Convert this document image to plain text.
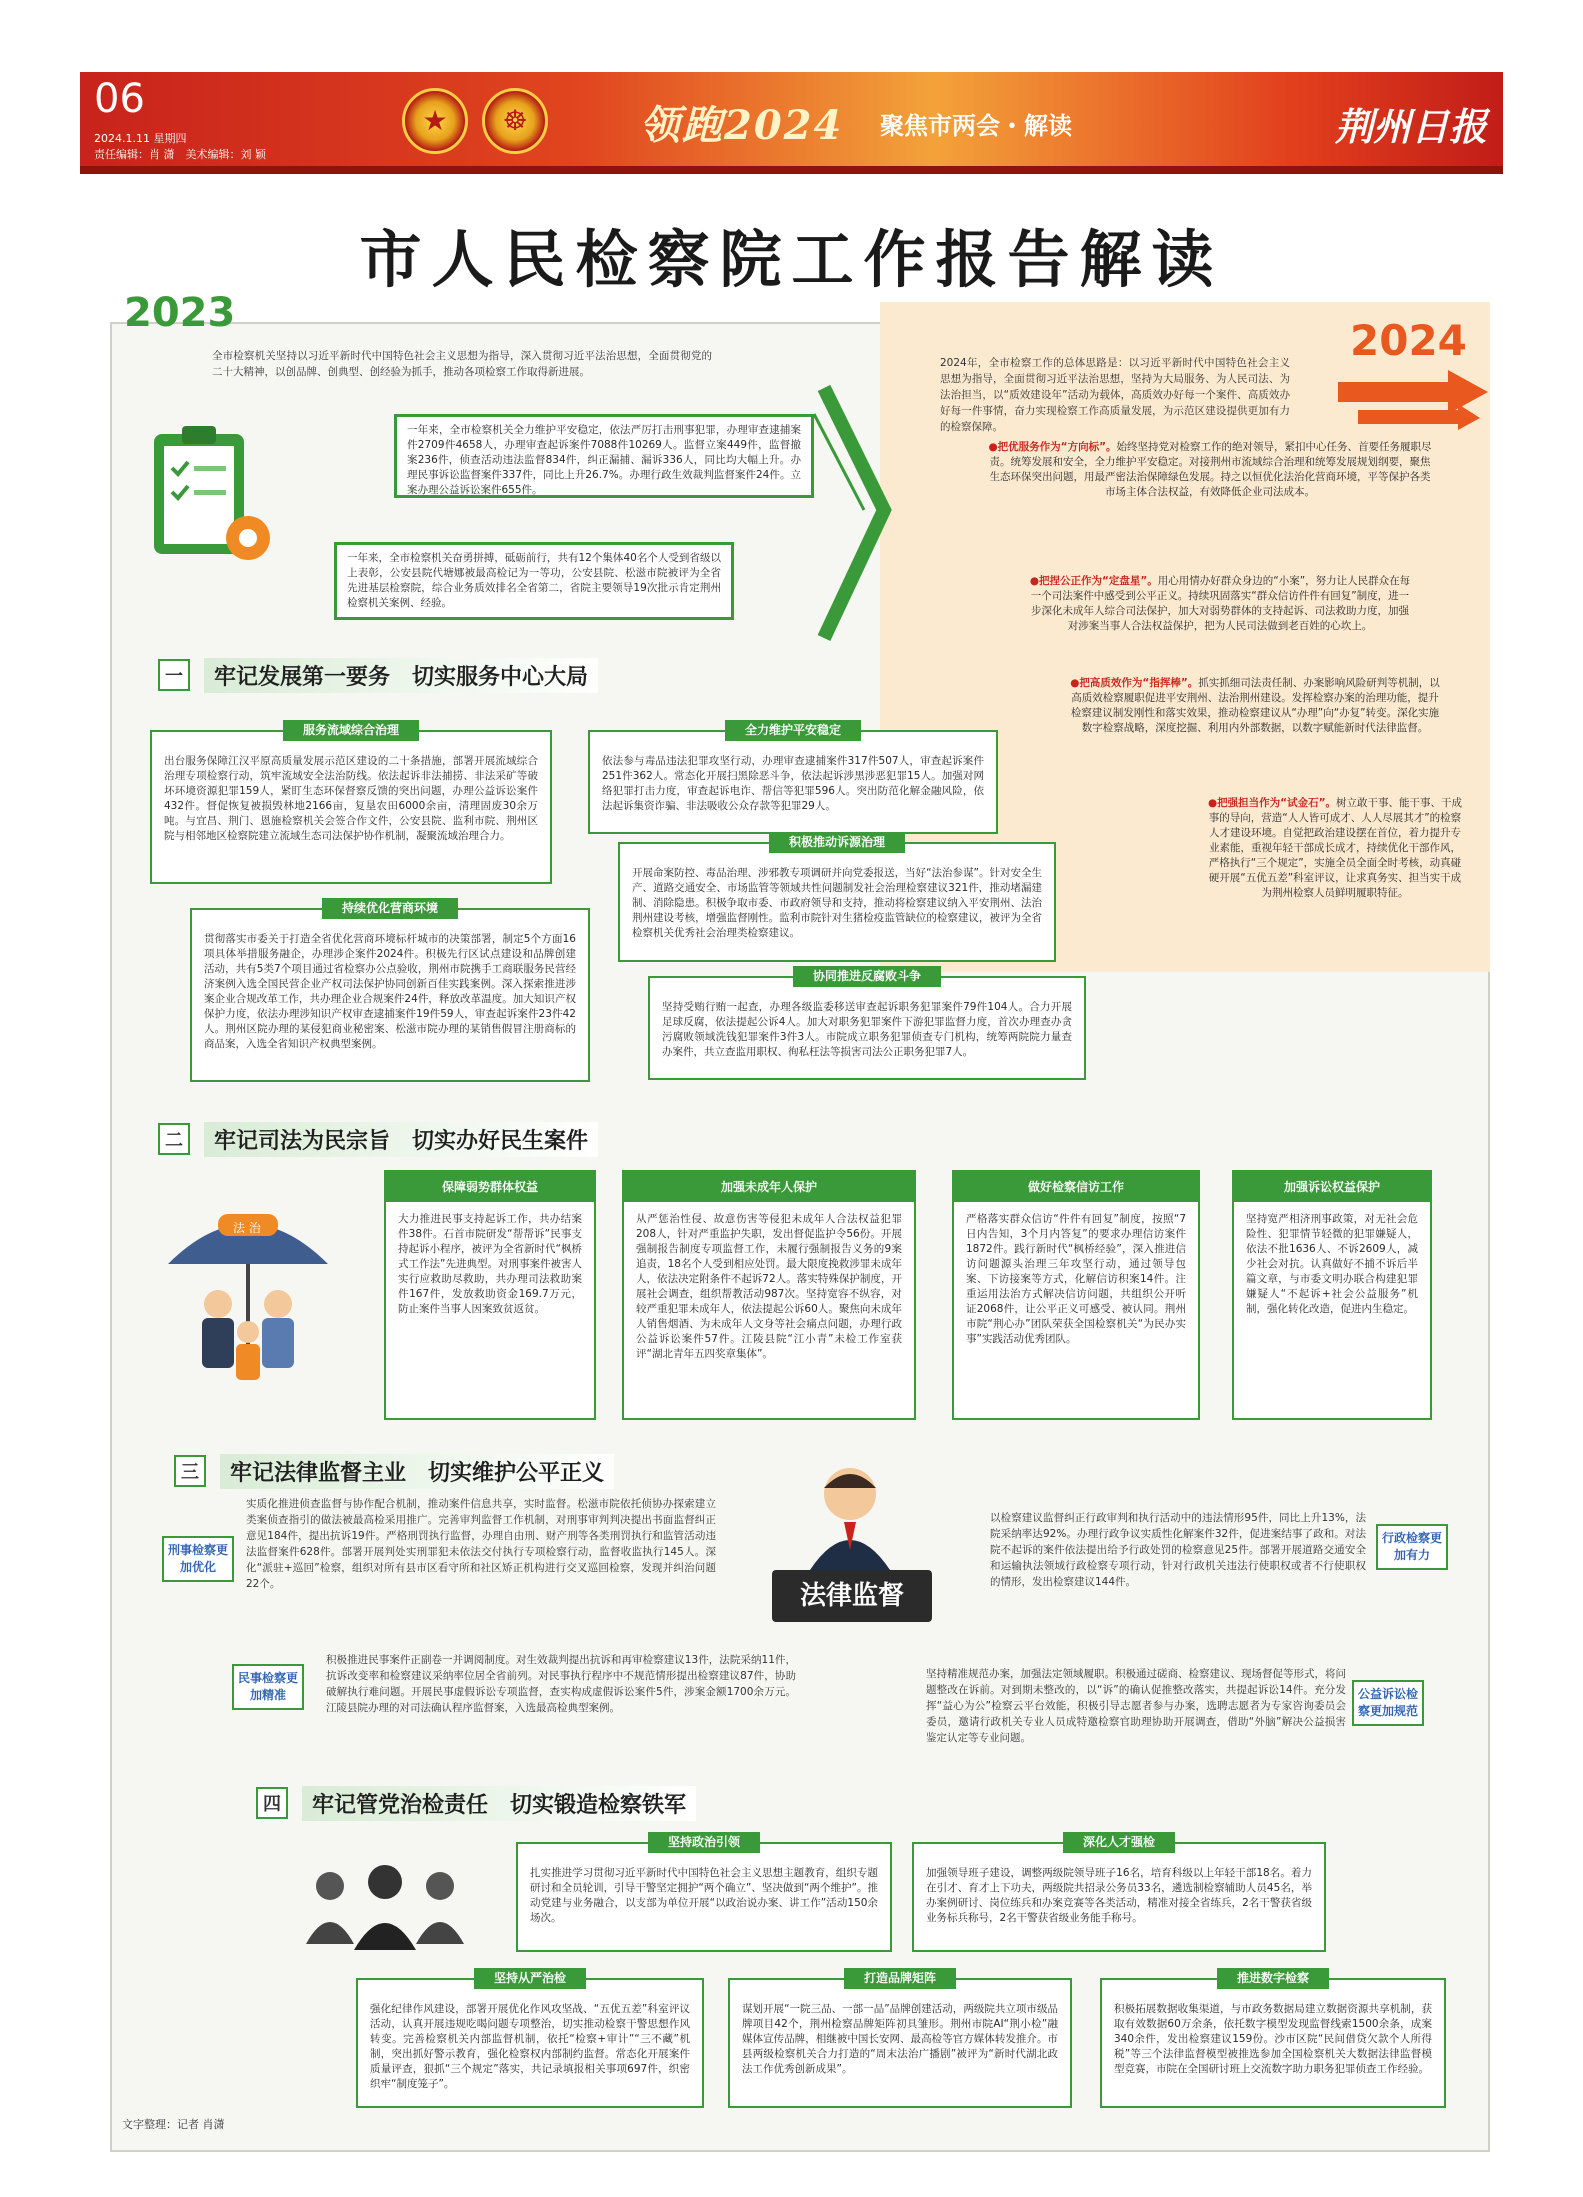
06
2024.1.11 星期四
责任编辑：肖 潇　美术编辑：刘 颖
★	☸	领跑2024 聚焦市两会・解读	荆州日报
市人民检察院工作报告解读
2023
2024
全市检察机关坚持以习近平新时代中国特色社会主义思想为指导，深入贯彻习近平法治思想，全面贯彻党的二十大精神，以创品牌、创典型、创经验为抓手，推动各项检察工作取得新进展。
一年来，全市检察机关全力维护平安稳定，依法严厉打击刑事犯罪，办理审查逮捕案件2709件4658人，办理审查起诉案件7088件10269人。监督立案449件，监督撤案236件，侦查活动违法监督834件，纠正漏捕、漏诉336人，同比均大幅上升。办理民事诉讼监督案件337件，同比上升26.7%。办理行政生效裁判监督案件24件。立案办理公益诉讼案件655件。
一年来，全市检察机关奋勇拼搏，砥砺前行，共有12个集体40名个人受到省级以上表彰，公安县院代塘娜被最高检记为一等功，公安县院、松滋市院被评为全省先进基层检察院，综合业务质效排名全省第二，省院主要领导19次批示肯定荆州检察机关案例、经验。
2024年，全市检察工作的总体思路是：以习近平新时代中国特色社会主义思想为指导，全面贯彻习近平法治思想，坚持为大局服务、为人民司法、为法治担当，以“质效建设年”活动为载体，高质效办好每一个案件、高质效办好每一件事情，奋力实现检察工作高质量发展，为示范区建设提供更加有力的检察保障。
●把优服务作为“方向标”。始终坚持党对检察工作的绝对领导，紧扣中心任务、首要任务履职尽责。统筹发展和安全，全力维护平安稳定。对接荆州市流域综合治理和统筹发展规划纲要，聚焦生态环保突出问题，用最严密法治保障绿色发展。持之以恒优化法治化营商环境，平等保护各类市场主体合法权益，有效降低企业司法成本。
●把捏公正作为“定盘星”。用心用情办好群众身边的“小案”，努力让人民群众在每一个司法案件中感受到公平正义。持续巩固落实“群众信访件件有回复”制度，进一步深化未成年人综合司法保护，加大对弱势群体的支持起诉、司法救助力度，加强对涉案当事人合法权益保护，把为人民司法做到老百姓的心坎上。
●把高质效作为“指挥棒”。抓实抓细司法责任制、办案影响风险研判等机制，以高质效检察履职促进平安荆州、法治荆州建设。发挥检察办案的治理功能，提升检察建议制发刚性和落实效果，推动检察建议从“办理”向“办复”转变。深化实施数字检察战略，深度挖掘、利用内外部数据，以数字赋能新时代法律监督。
●把强担当作为“试金石”。树立敢干事、能干事、干成事的导向，营造“人人皆可成才、人人尽展其才”的检察人才建设环境。自觉把政治建设摆在首位，着力提升专业素能，重视年轻干部成长成才，持续优化干部作风，严格执行“三个规定”，实施全员全面全时考核，动真碰硬开展“五优五差”科室评议，让求真务实、担当实干成为荆州检察人员鲜明履职特征。
一	牢记发展第一要务　切实服务中心大局
服务流域综合治理
出台服务保障江汉平原高质量发展示范区建设的二十条措施，部署开展流域综合治理专项检察行动，筑牢流域安全法治防线。依法起诉非法捕捞、非法采矿等破坏环境资源犯罪159人，紧盯生态环保督察反馈的突出问题，办理公益诉讼案件432件。督促恢复被损毁林地2166亩，复垦农田6000余亩，清理固废30余万吨。与宜昌、荆门、恩施检察机关会签合作文件，公安县院、监利市院、荆州区院与相邻地区检察院建立流域生态司法保护协作机制，凝聚流域治理合力。
持续优化营商环境
贯彻落实市委关于打造全省优化营商环境标杆城市的决策部署，制定5个方面16项具体举措服务融企，办理涉企案件2024件。积极先行区试点建设和品牌创建活动，共有5类7个项目通过省检察办公点验收，荆州市院携手工商联服务民营经济案例入选全国民营企业产权司法保护协同创新百佳实践案例。深入探索推进涉案企业合规改革工作，共办理企业合规案件24件，释放改革温度。加大知识产权保护力度，依法办理涉知识产权审查逮捕案件19件59人，审查起诉案件23件42人。荆州区院办理的某侵犯商业秘密案、松滋市院办理的某销售假冒注册商标的商品案，入选全省知识产权典型案例。
全力维护平安稳定
依法参与毒品违法犯罪攻坚行动，办理审查逮捕案件317件507人，审查起诉案件251件362人。常态化开展扫黑除恶斗争，依法起诉涉黑涉恶犯罪15人。加强对网络犯罪打击力度，审查起诉电诈、帮信等犯罪596人。突出防范化解金融风险，依法起诉集资诈骗、非法吸收公众存款等犯罪29人。
积极推动诉源治理
开展命案防控、毒品治理、涉邪教专项调研并向党委报送，当好“法治参谋”。针对安全生产、道路交通安全、市场监管等领域共性问题制发社会治理检察建议321件，推动堵漏建制、消除隐患。积极争取市委、市政府领导和支持，推动将检察建议纳入平安荆州、法治荆州建设考核，增强监督刚性。监利市院针对生猪检疫监管缺位的检察建议，被评为全省检察机关优秀社会治理类检察建议。
协同推进反腐败斗争
坚持受贿行贿一起查，办理各级监委移送审查起诉职务犯罪案件79件104人。合力开展足球反腐，依法提起公诉4人。加大对职务犯罪案件下游犯罪监督力度，首次办理查办贪污腐败领域洗钱犯罪案件3件3人。市院成立职务犯罪侦查专门机构，统筹两院院力量查办案件，共立查监用职权、徇私枉法等损害司法公正职务犯罪7人。
二	牢记司法为民宗旨　切实办好民生案件
法 治
保障弱势群体权益
大力推进民事支持起诉工作，共办结案件38件。石首市院研发“帮帮诉”民事支持起诉小程序，被评为全省新时代“枫桥式工作法”先进典型。对刑事案件被害人实行应救助尽救助，共办理司法救助案件167件，发放救助资金169.7万元，防止案件当事人因案致贫返贫。
加强未成年人保护
从严惩治性侵、故意伤害等侵犯未成年人合法权益犯罪208人，针对严重监护失职，发出督促监护令56份。开展强制报告制度专项监督工作，未履行强制报告义务的9案追责，18名个人受到相应处罚。最大限度挽救涉罪未成年人，依法决定附条件不起诉72人。落实特殊保护制度，开展社会调查，组织帮教活动987次。坚持宽容不纵容，对较严重犯罪未成年人，依法提起公诉60人。聚焦向未成年人销售烟酒、为未成年人文身等社会痛点问题，办理行政公益诉讼案件57件。江陵县院“江小青”未检工作室获评“湖北青年五四奖章集体”。
做好检察信访工作
严格落实群众信访“件件有回复”制度，按照“7日内告知，3个月内答复”的要求办理信访案件1872件。践行新时代“枫桥经验”，深入推进信访问题源头治理三年攻坚行动，通过领导包案、下访接案等方式，化解信访积案14件。注重运用法治方式解决信访问题，共组织公开听证2068件，让公平正义可感受、被认同。荆州市院“荆心办”团队荣获全国检察机关“为民办实事”实践活动优秀团队。
加强诉讼权益保护
坚持宽严相济刑事政策，对无社会危险性、犯罪情节轻微的犯罪嫌疑人，依法不批1636人、不诉2609人，减少社会对抗。认真做好不捕不诉后半篇文章，与市委文明办联合构建犯罪嫌疑人“不起诉+社会公益服务”机制，强化转化改造，促进内生稳定。
三	牢记法律监督主业　切实维护公平正义
法律监督
刑事检察更加优化
实质化推进侦查监督与协作配合机制，推动案件信息共享，实时监督。松滋市院依托侦协办探索建立类案侦查指引的做法被最高检采用推广。完善审判监督工作机制，对刑事审判判决提出书面监督纠正意见184件，提出抗诉19件。严格刑罚执行监督，办理自由刑、财产刑等各类刑罚执行和监管活动违法监督案件628件。部署开展判处实刑罪犯未依法交付执行专项检察行动，监督收监执行145人。深化“派驻+巡回”检察，组织对所有县市区看守所和社区矫正机构进行交叉巡回检察，发现并纠治问题22个。
行政检察更加有力
以检察建议监督纠正行政审判和执行活动中的违法情形95件，同比上升13%，法院采纳率达92%。办理行政争议实质性化解案件32件，促进案结事了政和。对法院不起诉的案件依法提出给予行政处罚的检察意见25件。部署开展道路交通安全和运输执法领域行政检察专项行动，针对行政机关违法行使职权或者不行使职权的情形，发出检察建议144件。
民事检察更加精准
积极推进民事案件正副卷一并调阅制度。对生效裁判提出抗诉和再审检察建议13件，法院采纳11件，抗诉改变率和检察建议采纳率位居全省前列。对民事执行程序中不规范情形提出检察建议87件，协助破解执行难问题。开展民事虚假诉讼专项监督，查实构成虚假诉讼案件5件，涉案金额1700余万元。江陵县院办理的对司法确认程序监督案，入选最高检典型案例。
公益诉讼检察更加规范
坚持精准规范办案，加强法定领域履职。积极通过磋商、检察建议、现场督促等形式，将问题整改在诉前。对到期未整改的，以“诉”的确认促推整改落实，共提起诉讼14件。充分发挥“益心为公”检察云平台效能，积极引导志愿者参与办案，选聘志愿者为专家咨询委员会委员，邀请行政机关专业人员成特邀检察官助理协助开展调查，借助“外脑”解决公益损害鉴定认定等专业问题。
四	牢记管党治检责任　切实锻造检察铁军
坚持政治引领
扎实推进学习贯彻习近平新时代中国特色社会主义思想主题教育，组织专题研讨和全员轮训，引导干警坚定拥护“两个确立”、坚决做到“两个维护”。推动党建与业务融合，以支部为单位开展“以政治说办案、讲工作”活动150余场次。
深化人才强检
加强领导班子建设，调整两级院领导班子16名，培育科级以上年轻干部18名。着力在引才、育才上下功夫，两级院共招录公务员33名，遴选制检察辅助人员45名，举办案例研讨、岗位练兵和办案竞赛等各类活动，精准对接全省练兵，2名干警获省级业务标兵称号，2名干警获省级业务能手称号。
坚持从严治检
强化纪律作风建设，部署开展优化作风攻坚战、“五优五差”科室评议活动，认真开展违规吃喝问题专项整治，切实推动检察干警思想作风转变。完善检察机关内部监督机制，依托“检察+审计”“三不藏”机制，突出抓好警示教育，强化检察权内部制约监督。常态化开展案件质量评查，狠抓“三个规定”落实，共记录填报相关事项697件，织密织牢“制度笼子”。
打造品牌矩阵
谋划开展“一院三品、一部一品”品牌创建活动，两级院共立项市级品牌项目42个，荆州检察品牌矩阵初具雏形。荆州市院AI“荆小检”融媒体宣传品牌，相继被中国长安网、最高检等官方媒体转发推介。市县两级检察机关合力打造的“周末法治广播剧”被评为“新时代湖北政法工作优秀创新成果”。
推进数字检察
积极拓展数据收集渠道，与市政务数据局建立数据资源共享机制，获取有效数据60万余条，依托数字模型发现监督线索1500余条，成案340余件，发出检察建议159份。沙市区院“民间借贷欠款个人所得税”等三个法律监督模型被推选参加全国检察机关大数据法律监督模型竞赛，市院在全国研讨班上交流数字助力职务犯罪侦查工作经验。
文字整理：记者 肖潇
